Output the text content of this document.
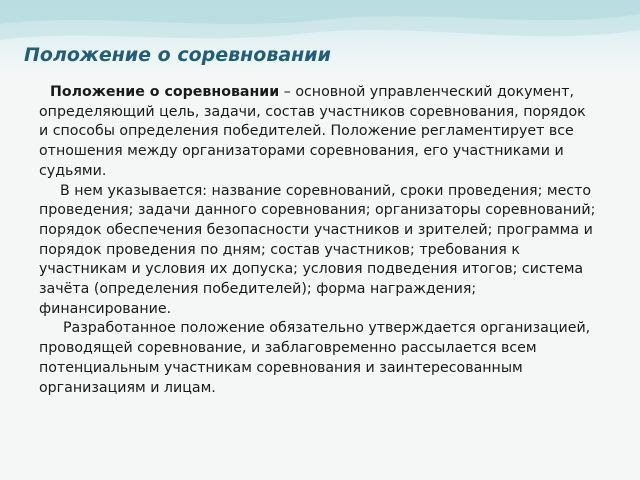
Положение о соревновании

Положение о соревновании – основной управленческий документ, определяющий цель, задачи, состав участников соревнования, порядок и способы определения победителей. Положение регламентирует все отношения между организаторами соревнования, его участниками и судьями.

В нем указывается: название соревнований, сроки проведения; место проведения; задачи данного соревнования; организаторы соревнований; порядок обеспечения безопасности участников и зрителей; программа и порядок проведения по дням; состав участников; требования к участникам и условия их допуска; условия подведения итогов; система зачёта (определения победителей); форма награждения; финансирование.

Разработанное положение обязательно утверждается организацией, проводящей соревнование, и заблаговременно рассылается всем потенциальным участникам соревнования и заинтересованным организациям и лицам.
